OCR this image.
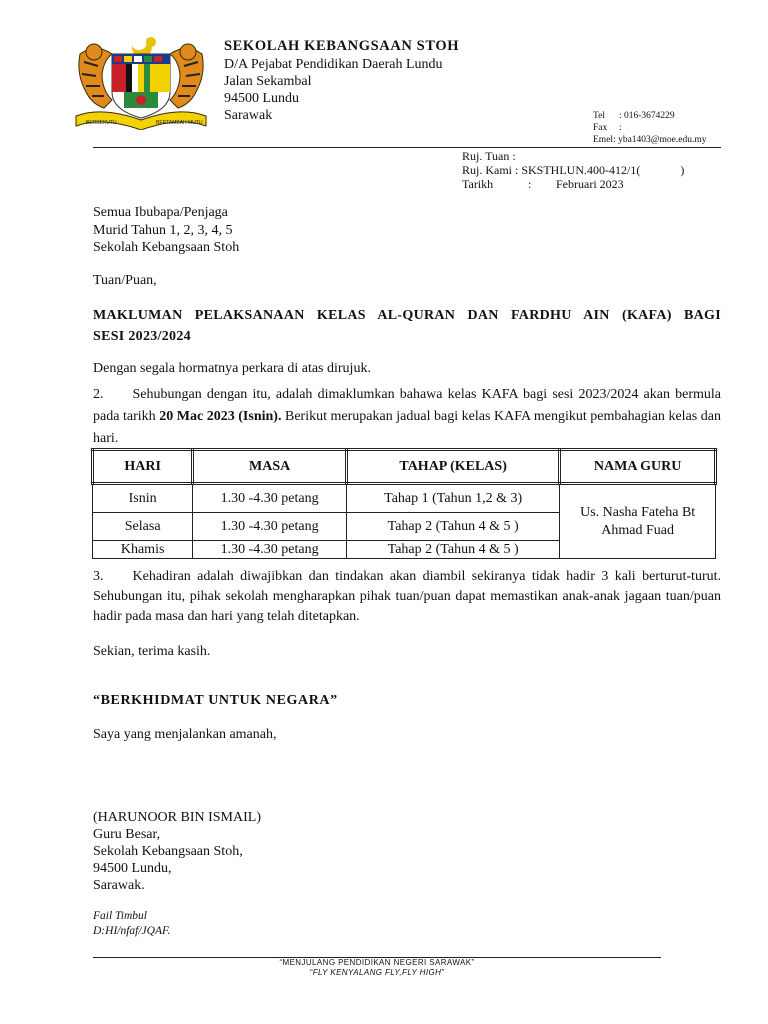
BERSEKUTU	BERTAMBAH MUTU
SEKOLAH KEBANGSAAN STOH
D/A Pejabat Pendidikan Daerah Lundu
Jalan Sekambal
94500 Lundu
Sarawak	Tel : 016-3674229
Fax :
Emel: yba1403@moe.edu.my
Ruj. Tuan :
Ruj. Kami : SKSTHLUN.400-412/1(	)
Tarikh	: Februari 2023
Semua Ibubapa/Penjaga
Murid Tahun 1, 2, 3, 4, 5
Sekolah Kebangsaan Stoh
Tuan/Puan,
MAKLUMAN PELAKSANAAN KELAS AL-QURAN DAN FARDHU AIN (KAFA) BAGI
SESI 2023/2024
Dengan segala hormatnya perkara di atas dirujuk.
2. Sehubungan dengan itu, adalah dimaklumkan bahawa kelas KAFA bagi sesi 2023/2024 akan bermula pada tarikh 20 Mac 2023 (Isnin). Berikut merupakan jadual bagi kelas KAFA mengikut pembahagian kelas dan hari.
HARI	MASA	TAHAP (KELAS)	NAMA GURU
Isnin	1.30 -4.30 petang	Tahap 1 (Tahun 1,2 & 3)	Us. Nasha Fateha Bt
Ahmad Fuad
Selasa	1.30 -4.30 petang	Tahap 2 (Tahun 4 & 5 )	
Khamis	1.30 -4.30 petang	Tahap 2 (Tahun 4 & 5 )	
3. Kehadiran adalah diwajibkan dan tindakan akan diambil sekiranya tidak hadir 3 kali berturut-turut. Sehubungan itu, pihak sekolah mengharapkan pihak tuan/puan dapat memastikan anak-anak jagaan tuan/puan hadir pada masa dan hari yang telah ditetapkan.
Sekian, terima kasih.
“BERKHIDMAT UNTUK NEGARA”
Saya yang menjalankan amanah,
(HARUNOOR BIN ISMAIL)
Guru Besar,
Sekolah Kebangsaan Stoh,
94500 Lundu,
Sarawak.
Fail Timbul
D:HI/nfaf/JQAF.
“MENJULANG PENDIDIKAN NEGERI SARAWAK”
“FLY KENYALANG FLY,FLY HIGH”
